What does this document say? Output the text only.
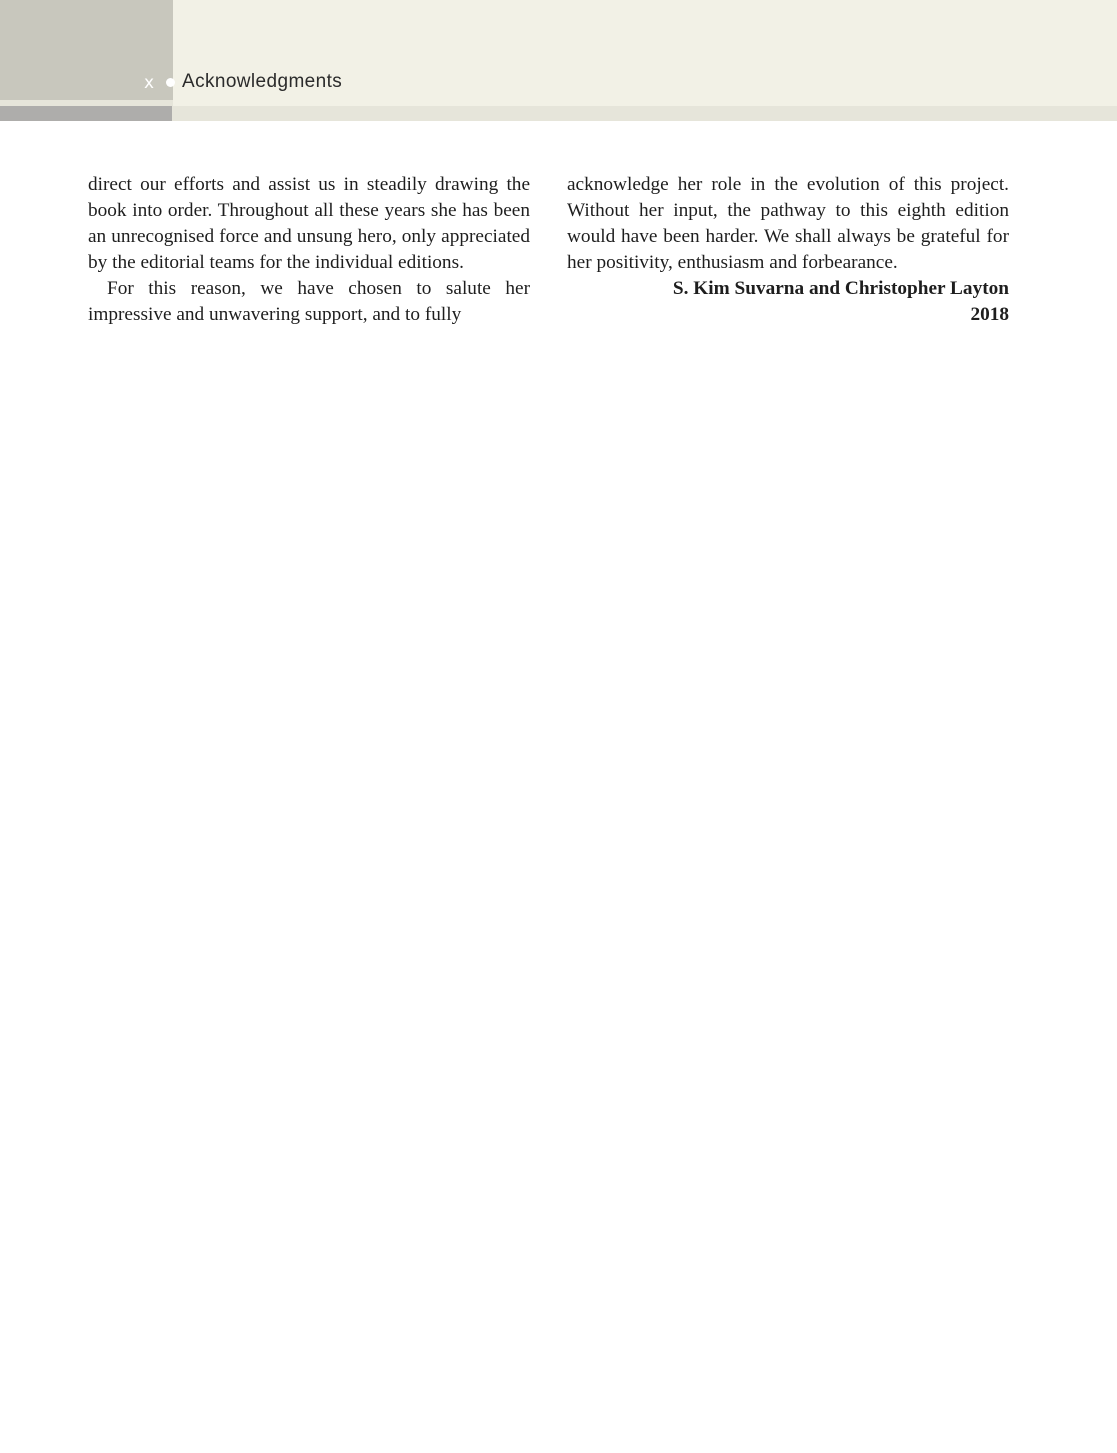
x Acknowledgments

direct our efforts and assist us in steadily drawing the book into order. Throughout all these years she has been an unrecognised force and unsung hero, only appreciated by the editorial teams for the individual editions.

For this reason, we have chosen to salute her impressive and unwavering support, and to fully

acknowledge her role in the evolution of this project. Without her input, the pathway to this eighth edition would have been harder. We shall always be grateful for her positivity, enthusiasm and forbearance.

S. Kim Suvarna and Christopher Layton

2018
